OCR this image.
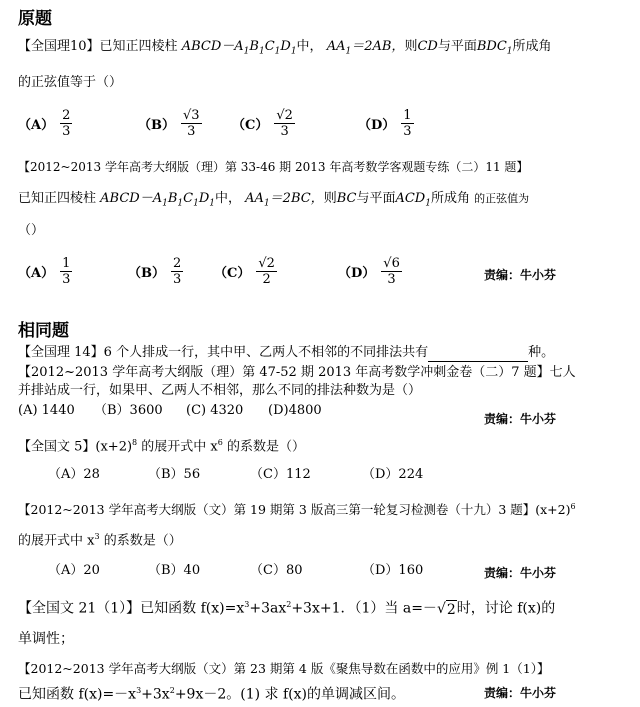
原题
【全国理10】已知正四棱柱 $ABCD-A_1B_1C_1D_1$中， $AA_1=2AB$，则CD与平面$BDC_1$所成角
的正弦值等于（）
$(A) \frac{2}{3}$	$(B) \frac{√3}{3} (C) \frac{√2}{3}$	$(D) \frac{1}{3}$
【2012~2013 学年高考大纲版（理）第 33-46 期 2013 年高考数学客观题专练（二）11 题】
已知正四棱柱 $ABCD-A_1B_1C_1D_1$中， $AA_1=2BC$，则BC与平面$ACD_1$所成角 的正弦值为
（）
$(A) \frac{1}{3}$	$(B) \frac{2}{3} (C) \frac{√2}{2}$	$(D) \frac{√6}{3}$	责编：牛小芬
相同题
【全国理 14】6 个人排成一行，其中甲、乙两人不相邻的不同排法共有	种。
【2012~2013 学年高考大纲版（理）第 47-52 期 2013 年高考数学冲刺金卷（二）7 题】七人
并排站成一行，如果甲、乙两人不相邻，那么不同的排法种数为是（）
(A) 1440 （B）3600 (C) 4320 (D)4800
责编：牛小芬
【全国文 5】$(x+2)^8$ 的展开式中 $x^6$ 的系数是（）
（A）28	（B）56	（C）112	（D）224
【2012~2013 学年高考大纲版（文）第 19 期第 3 版高三第一轮复习检测卷（十九）3 题】$(x+2)^6$
的展开式中 $x^3$ 的系数是（）
（A）20	（B）40	（C）80	（D）160	责编：牛小芬
【全国文 21（1）】已知函数 $f(x)=x^3+3ax^2+3x+1$．（1）当 a=－ √ 2 时，讨论 f(x)的
单调性；
【2012~2013 学年高考大纲版（文）第 23 期第 4 版《聚焦导数在函数中的应用》例 1（1）】
已知函数 $f(x)=-x^3+3x^2+9x-2$。(1) 求 f(x)的单调减区间。	责编：牛小芬
